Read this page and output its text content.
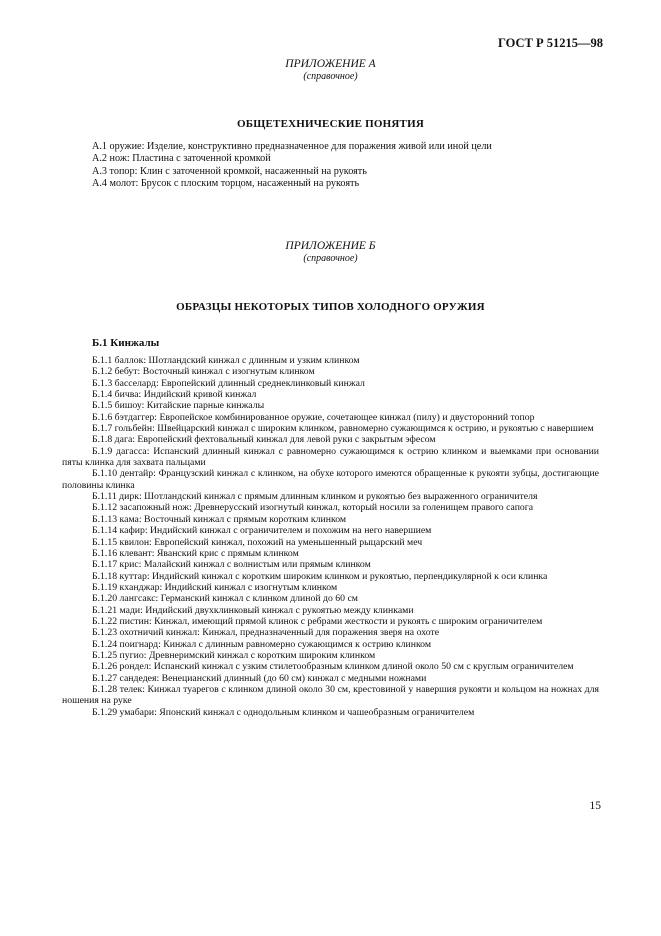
ГОСТ Р 51215—98
ПРИЛОЖЕНИЕ А
(справочное)
ОБЩЕТЕХНИЧЕСКИЕ ПОНЯТИЯ
А.1 оружие: Изделие, конструктивно предназначенное для поражения живой или иной цели
А.2 нож: Пластина с заточенной кромкой
А.3 топор: Клин с заточенной кромкой, насаженный на рукоять
А.4 молот: Брусок с плоским торцом, насаженный на рукоять
ПРИЛОЖЕНИЕ Б
(справочное)
ОБРАЗЦЫ НЕКОТОРЫХ ТИПОВ ХОЛОДНОГО ОРУЖИЯ
Б.1 Кинжалы
Б.1.1 баллок: Шотландский кинжал с длинным и узким клинком
Б.1.2 бебут: Восточный кинжал с изогнутым клинком
Б.1.3 басселард: Европейский длинный среднеклинковый кинжал
Б.1.4 бичва: Индийский кривой кинжал
Б.1.5 бишоу: Китайские парные кинжалы
Б.1.6 бэтдаггер: Европейское комбинированное оружие, сочетающее кинжал (пилу) и двусторонний топор
Б.1.7 гольбейн: Швейцарский кинжал с широким клинком, равномерно сужающимся к острию, и рукоятью с навершием
Б.1.8 дага: Европейский фехтовальный кинжал для левой руки с закрытым эфесом
Б.1.9 дагасса: Испанский длинный кинжал с равномерно сужающимся к острию клинком и выемками при основании пяты клинка для захвата пальцами
Б.1.10 дентайр: Французский кинжал с клинком, на обухе которого имеются обращенные к рукояти зубцы, достигающие половины клинка
Б.1.11 дирк: Шотландский кинжал с прямым длинным клинком и рукоятью без выраженного ограничителя
Б.1.12 засапожный нож: Древнерусский изогнутый кинжал, который носили за голенищем правого сапога
Б.1.13 кама: Восточный кинжал с прямым коротким клинком
Б.1.14 кафир: Индийский кинжал с ограничителем и похожим на него навершием
Б.1.15 квилон: Европейский кинжал, похожий на уменьшенный рыцарский меч
Б.1.16 клевант: Яванский крис с прямым клинком
Б.1.17 крис: Малайский кинжал с волнистым или прямым клинком
Б.1.18 куттар: Индийский кинжал с коротким широким клинком и рукоятью, перпендикулярной к оси клинка
Б.1.19 кханджар: Индийский кинжал с изогнутым клинком
Б.1.20 лангсакс: Германский кинжал с клинком длиной до 60 см
Б.1.21 мади: Индийский двухклинковый кинжал с рукоятью между клинками
Б.1.22 пистин: Кинжал, имеющий прямой клинок с ребрами жесткости и рукоять с широким ограничителем
Б.1.23 охотничий кинжал: Кинжал, предназначенный для поражения зверя на охоте
Б.1.24 поигнард: Кинжал с длинным равномерно сужающимся к острию клинком
Б.1.25 пугио: Древнеримский кинжал с коротким широким клинком
Б.1.26 рондел: Испанский кинжал с узким стилетообразным клинком длиной около 50 см с круглым ограничителем
Б.1.27 сандедея: Венецианский длинный (до 60 см) кинжал с медными ножнами
Б.1.28 телек: Кинжал туарегов с клинком длиной около 30 см, крестовиной у навершия рукояти и кольцом на ножнах для ношения на руке
Б.1.29 умабари: Японский кинжал с однодольным клинком и чашеобразным ограничителем
15
